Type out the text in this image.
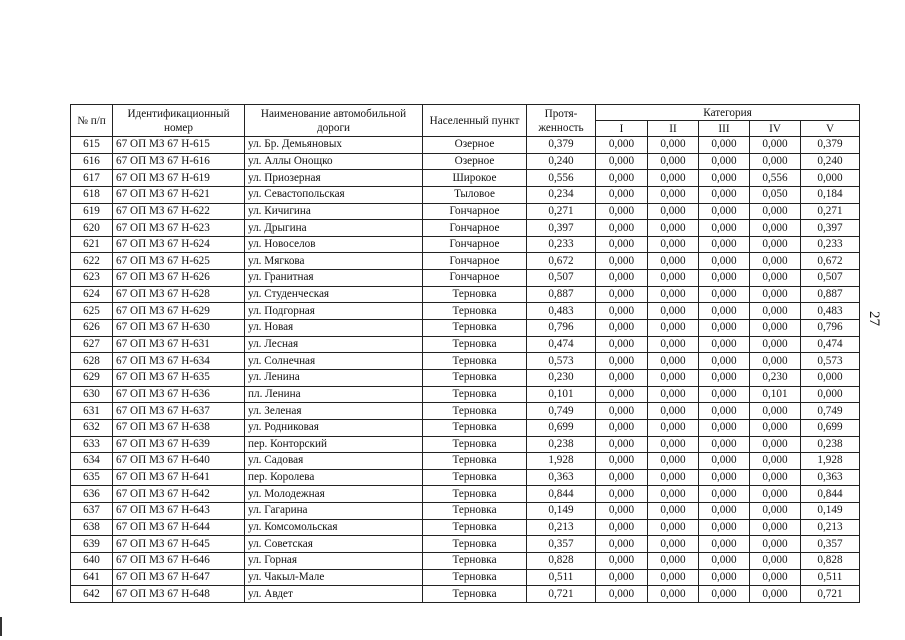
№ п/п	Идентификационный номер	Наименование автомобильной дороги	Населенный пункт	Протя-женность	Категория				
					I	II	III	IV	V
615	67 ОП МЗ 67 Н-615	ул. Бр. Демьяновых	Озерное	0,379	0,000	0,000	0,000	0,000	0,379
616	67 ОП МЗ 67 Н-616	ул. Аллы Онощко	Озерное	0,240	0,000	0,000	0,000	0,000	0,240
617	67 ОП МЗ 67 Н-619	ул. Приозерная	Широкое	0,556	0,000	0,000	0,000	0,556	0,000
618	67 ОП МЗ 67 Н-621	ул. Севастопольская	Тыловое	0,234	0,000	0,000	0,000	0,050	0,184
619	67 ОП МЗ 67 Н-622	ул. Кичигина	Гончарное	0,271	0,000	0,000	0,000	0,000	0,271
620	67 ОП МЗ 67 Н-623	ул. Дрыгина	Гончарное	0,397	0,000	0,000	0,000	0,000	0,397
621	67 ОП МЗ 67 Н-624	ул. Новоселов	Гончарное	0,233	0,000	0,000	0,000	0,000	0,233
622	67 ОП МЗ 67 Н-625	ул. Мягкова	Гончарное	0,672	0,000	0,000	0,000	0,000	0,672
623	67 ОП МЗ 67 Н-626	ул. Гранитная	Гончарное	0,507	0,000	0,000	0,000	0,000	0,507
624	67 ОП МЗ 67 Н-628	ул. Студенческая	Терновка	0,887	0,000	0,000	0,000	0,000	0,887
625	67 ОП МЗ 67 Н-629	ул. Подгорная	Терновка	0,483	0,000	0,000	0,000	0,000	0,483
626	67 ОП МЗ 67 Н-630	ул. Новая	Терновка	0,796	0,000	0,000	0,000	0,000	0,796
627	67 ОП МЗ 67 Н-631	ул. Лесная	Терновка	0,474	0,000	0,000	0,000	0,000	0,474
628	67 ОП МЗ 67 Н-634	ул. Солнечная	Терновка	0,573	0,000	0,000	0,000	0,000	0,573
629	67 ОП МЗ 67 Н-635	ул. Ленина	Терновка	0,230	0,000	0,000	0,000	0,230	0,000
630	67 ОП МЗ 67 Н-636	пл. Ленина	Терновка	0,101	0,000	0,000	0,000	0,101	0,000
631	67 ОП МЗ 67 Н-637	ул. Зеленая	Терновка	0,749	0,000	0,000	0,000	0,000	0,749
632	67 ОП МЗ 67 Н-638	ул. Родниковая	Терновка	0,699	0,000	0,000	0,000	0,000	0,699
633	67 ОП МЗ 67 Н-639	пер. Конторский	Терновка	0,238	0,000	0,000	0,000	0,000	0,238
634	67 ОП МЗ 67 Н-640	ул. Садовая	Терновка	1,928	0,000	0,000	0,000	0,000	1,928
635	67 ОП МЗ 67 Н-641	пер. Королева	Терновка	0,363	0,000	0,000	0,000	0,000	0,363
636	67 ОП МЗ 67 Н-642	ул. Молодежная	Терновка	0,844	0,000	0,000	0,000	0,000	0,844
637	67 ОП МЗ 67 Н-643	ул. Гагарина	Терновка	0,149	0,000	0,000	0,000	0,000	0,149
638	67 ОП МЗ 67 Н-644	ул. Комсомольская	Терновка	0,213	0,000	0,000	0,000	0,000	0,213
639	67 ОП МЗ 67 Н-645	ул. Советская	Терновка	0,357	0,000	0,000	0,000	0,000	0,357
640	67 ОП МЗ 67 Н-646	ул. Горная	Терновка	0,828	0,000	0,000	0,000	0,000	0,828
641	67 ОП МЗ 67 Н-647	ул. Чакыл-Мале	Терновка	0,511	0,000	0,000	0,000	0,000	0,511
642	67 ОП МЗ 67 Н-648	ул. Авдет	Терновка	0,721	0,000	0,000	0,000	0,000	0,721
27
